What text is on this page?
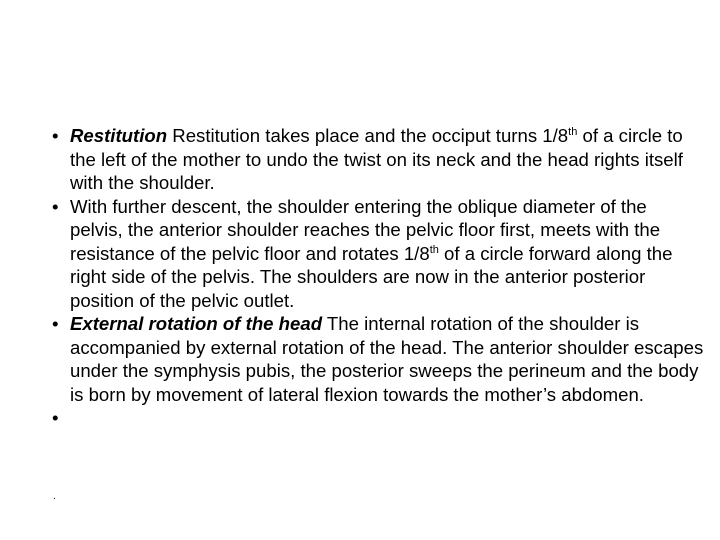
• Restitution Restitution takes place and the occiput turns 1/8th of a circle to the left of the mother to undo the twist on its neck and the head rights itself with the shoulder.
• With further descent, the shoulder entering the oblique diameter of the pelvis, the anterior shoulder reaches the pelvic floor first, meets with the resistance of the pelvic floor and rotates 1/8th of a circle forward along the right side of the pelvis. The shoulders are now in the anterior posterior position of the pelvic outlet.
• External rotation of the head The internal rotation of the shoulder is accompanied by external rotation of the head. The anterior shoulder escapes under the symphysis pubis, the posterior sweeps the perineum and the body is born by movement of lateral flexion towards the mother’s abdomen.
•
.
